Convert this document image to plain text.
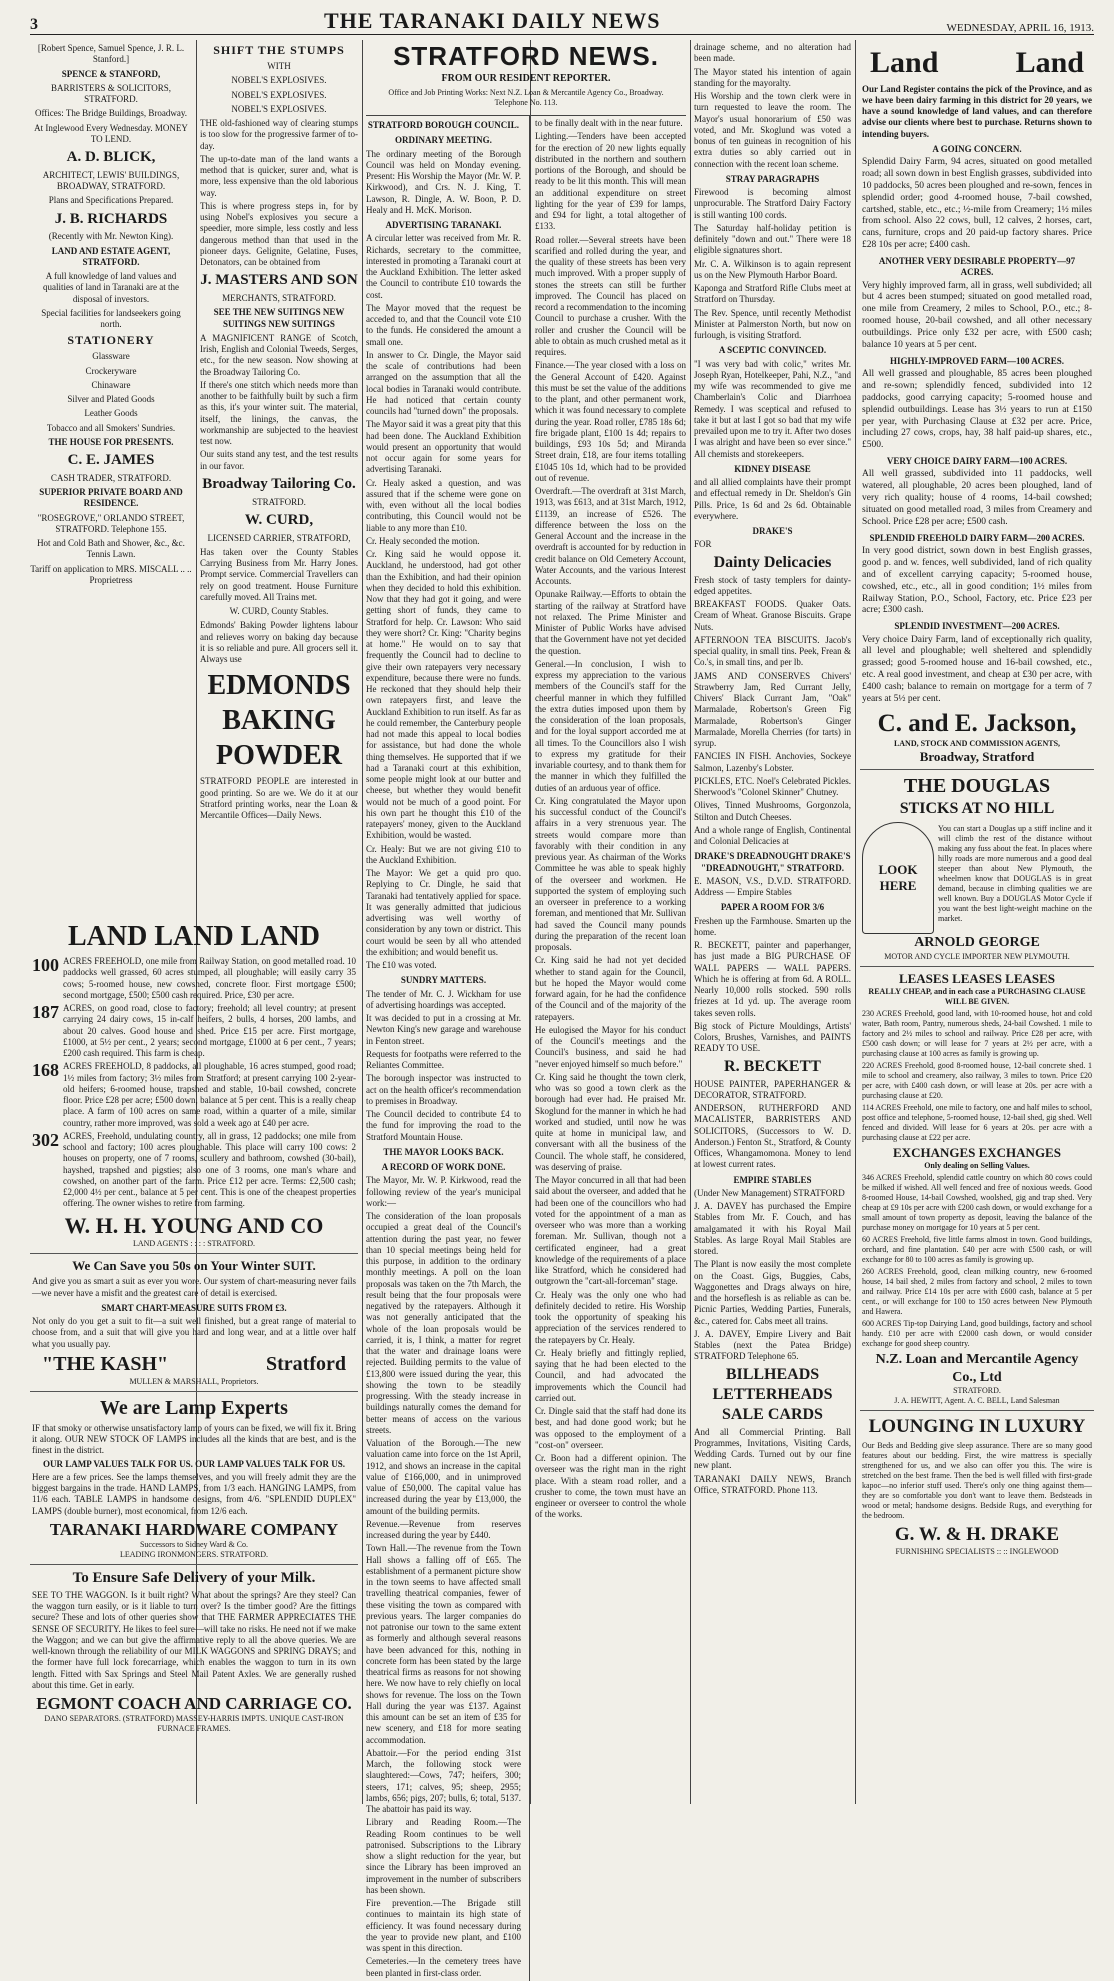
3	THE TARANAKI DAILY NEWS	WEDNESDAY, APRIL 16, 1913.
[Robert Spence, Samuel Spence, J. R. L. Stanford.]
SPENCE & STANFORD,
BARRISTERS & SOLICITORS, STRATFORD.
Offices: The Bridge Buildings, Broadway.
At Inglewood Every Wednesday. MONEY TO LEND.
A. D. BLICK,
ARCHITECT, LEWIS' BUILDINGS, BROADWAY, STRATFORD.
Plans and Specifications Prepared.
J. B. RICHARDS
(Recently with Mr. Newton King).
LAND AND ESTATE AGENT, STRATFORD.
A full knowledge of land values and qualities of land in Taranaki are at the disposal of investors.
Special facilities for landseekers going north.
STATIONERY
Glassware
Crockeryware
Chinaware
Silver and Plated Goods
Leather Goods
Tobacco and all Smokers' Sundries.
THE HOUSE FOR PRESENTS.
C. E. JAMES
CASH TRADER, STRATFORD.
SUPERIOR PRIVATE BOARD AND RESIDENCE.
"ROSEGROVE," ORLANDO STREET, STRATFORD. Telephone 155.
Hot and Cold Bath and Shower, &c., &c. Tennis Lawn.
Tariff on application to MRS. MISCALL .. .. Proprietress
SHIFT THE STUMPS
WITH
NOBEL'S EXPLOSIVES.
NOBEL'S EXPLOSIVES.
NOBEL'S EXPLOSIVES.

THE old-fashioned way of clearing stumps is too slow for the progressive farmer of to-day.

The up-to-date man of the land wants a method that is quicker, surer and, what is more, less expensive than the old laborious way.

This is where progress steps in, for by using Nobel's explosives you secure a speedier, more simple, less costly and less dangerous method than that used in the pioneer days. Gelignite, Gelatine, Fuses, Detonators, can be obtained from

J. MASTERS AND SON
MERCHANTS, STRATFORD.
SEE THE NEW SUITINGS NEW SUITINGS NEW SUITINGS

A MAGNIFICENT RANGE of Scotch, Irish, English and Colonial Tweeds, Serges, etc., for the new season. Now showing at the Broadway Tailoring Co.

If there's one stitch which needs more than another to be faithfully built by such a firm as this, it's your winter suit. The material, itself, the linings, the canvas, the workmanship are subjected to the heaviest test now.

Our suits stand any test, and the test results in our favor.

Broadway Tailoring Co.
STRATFORD.
W. CURD,
LICENSED CARRIER, STRATFORD,

Has taken over the County Stables Carrying Business from Mr. Harry Jones. Prompt service. Commercial Travellers can rely on good treatment. House Furniture carefully moved. All Trains met.

W. CURD, County Stables.

Edmonds' Baking Powder lightens labour and relieves worry on baking day because it is so reliable and pure. All grocers sell it. Always use

EDMONDS BAKING POWDER

STRATFORD PEOPLE are interested in good printing. So are we. We do it at our Stratford printing works, near the Loan & Mercantile Offices—Daily News.

LAND LAND LAND
100 ACRES FREEHOLD, one mile from Railway Station, on good metalled road. 10 paddocks well grassed, 60 acres stumped, all ploughable; will easily carry 35 cows; 5-roomed house, new cowshed, concrete floor. First mortgage £500; second mortgage, £500; £500 cash required. Price, £30 per acre.
187 ACRES, on good road, close to factory; freehold; all level country; at present carrying 24 dairy cows, 15 in-calf heifers, 2 bulls, 4 horses, 200 lambs, and about 20 calves. Good house and shed. Price £15 per acre. First mortgage, £1000, at 5½ per cent., 2 years; second mortgage, £1000 at 6 per cent., 7 years; £200 cash required. This farm is cheap.
168 ACRES FREEHOLD, 8 paddocks, all ploughable, 16 acres stumped, good road; 1½ miles from factory; 3½ miles from Stratford; at present carrying 100 2-year-old heifers; 6-roomed house, trapshed and stable, 10-bail cowshed, concrete floor. Price £28 per acre; £500 down, balance at 5 per cent. This is a really cheap place. A farm of 100 acres on same road, within a quarter of a mile, similar country, rather more improved, was sold a week ago at £40 per acre.
302 ACRES, Freehold, undulating country, all in grass, 12 paddocks; one mile from school and factory; 100 acres ploughable. This place will carry 100 cows: 2 houses on property, one of 7 rooms, scullery and bathroom, cowshed (30-bail), hayshed, trapshed and pigsties; also one of 3 rooms, one man's whare and cowshed, on another part of the farm. Price £12 per acre. Terms: £2,500 cash; £2,000 4½ per cent., balance at 5 per cent. This is one of the cheapest properties offering. The owner wishes to retire from farming.
W. H. H. YOUNG AND CO
LAND AGENTS : : : : STRATFORD.
We Can Save you 50s on Your Winter SUIT.

And give you as smart a suit as ever you wore. Our system of chart-measuring never fails—we never have a misfit and the greatest care of detail is exercised.

SMART CHART-MEASURE SUITS FROM £3.

Not only do you get a suit to fit—a suit well finished, but a great range of material to choose from, and a suit that will give you hard and long wear, and at a little over half what you usually pay.

"THE KASH"	Stratford
MULLEN & MARSHALL, Proprietors.
We are Lamp Experts

IF that smoky or otherwise unsatisfactory lamp of yours can be fixed, we will fix it. Bring it along. OUR NEW STOCK OF LAMPS includes all the kinds that are best, and is the finest in the district.

OUR LAMP VALUES TALK FOR US. OUR LAMP VALUES TALK FOR US.

Here are a few prices. See the lamps themselves, and you will freely admit they are the biggest bargains in the trade. HAND LAMPS, from 1/3 each. HANGING LAMPS, from 11/6 each. TABLE LAMPS in handsome designs, from 4/6. "SPLENDID DUPLEX" LAMPS (double burner), most economical, from 12/6 each.

TARANAKI HARDWARE COMPANY
Successors to Sidney Ward & Co.
LEADING IRONMONGERS. STRATFORD.
To Ensure Safe Delivery of your Milk.

SEE TO THE WAGGON. Is it built right? What about the springs? Are they steel? Can the waggon turn easily, or is it liable to turn over? Is the timber good? Are the fittings secure? These and lots of other queries show that THE FARMER APPRECIATES THE SENSE OF SECURITY. He likes to feel sure—will take no risks. He need not if we make the Waggon; and we can but give the affirmative reply to all the above queries. We are well-known through the reliability of our MILK WAGGONS and SPRING DRAYS; and the former have full lock forecarriage, which enables the waggon to turn in its own length. Fitted with Sax Springs and Steel Mail Patent Axles. We are generally rushed about this time. Get in early.

EGMONT COACH AND CARRIAGE CO.
DANO SEPARATORS. (STRATFORD) MASSEY-HARRIS IMPTS. UNIQUE CAST-IRON FURNACE FRAMES.
STRATFORD NEWS.
FROM OUR RESIDENT REPORTER.
Office and Job Printing Works: Next N.Z. Loan & Mercantile Agency Co., Broadway. Telephone No. 113.
STRATFORD BOROUGH COUNCIL.
ORDINARY MEETING.

The ordinary meeting of the Borough Council was held on Monday evening. Present: His Worship the Mayor (Mr. W. P. Kirkwood), and Crs. N. J. King, T. Lawson, R. Dingle, A. W. Boon, P. D. Healy and H. McK. Morison.

ADVERTISING TARANAKI.

A circular letter was received from Mr. R. Richards, secretary to the committee, interested in promoting a Taranaki court at the Auckland Exhibition. The letter asked the Council to contribute £10 towards the cost.

The Mayor moved that the request be acceded to, and that the Council vote £10 to the funds. He considered the amount a small one.

In answer to Cr. Dingle, the Mayor said the scale of contributions had been arranged on the assumption that all the local bodies in Taranaki would contribute. He had noticed that certain county councils had "turned down" the proposals.

The Mayor said it was a great pity that this had been done. The Auckland Exhibition would present an opportunity that would not occur again for some years for advertising Taranaki.

Cr. Healy asked a question, and was assured that if the scheme were gone on with, even without all the local bodies contributing, this Council would not be liable to any more than £10.

Cr. Healy seconded the motion.

Cr. King said he would oppose it. Auckland, he understood, had got other than the Exhibition, and had their opinion when they decided to hold this exhibition. Now that they had got it going, and were getting short of funds, they came to Stratford for help. Cr. Lawson: Who said they were short? Cr. King: "Charity begins at home." He would on to say that frequently the Council had to decline to give their own ratepayers very necessary expenditure, because there were no funds. He reckoned that they should help their own ratepayers first, and leave the Auckland Exhibition to run itself. As far as he could remember, the Canterbury people had not made this appeal to local bodies for assistance, but had done the whole thing themselves. He supported that if we had a Taranaki court at this exhibition, some people might look at our butter and cheese, but whether they would benefit would not be much of a good point. For his own part he thought this £10 of the ratepayers' money, given to the Auckland Exhibition, would be wasted.

Cr. Healy: But we are not giving £10 to the Auckland Exhibition.

The Mayor: We get a quid pro quo. Replying to Cr. Dingle, he said that Taranaki had tentatively applied for space. It was generally admitted that judicious advertising was well worthy of consideration by any town or district. This court would be seen by all who attended the exhibition; and would benefit us.

The £10 was voted.

SUNDRY MATTERS.

The tender of Mr. C. J. Wickham for use of advertising hoardings was accepted.

It was decided to put in a crossing at Mr. Newton King's new garage and warehouse in Fenton street.

Requests for footpaths were referred to the Reliantes Committee.

The borough inspector was instructed to act on the health officer's recommendation to premises in Broadway.

The Council decided to contribute £4 to the fund for improving the road to the Stratford Mountain House.

THE MAYOR LOOKS BACK.
A RECORD OF WORK DONE.

The Mayor, Mr. W. P. Kirkwood, read the following review of the year's municipal work:—

The consideration of the loan proposals occupied a great deal of the Council's attention during the past year, no fewer than 10 special meetings being held for this purpose, in addition to the ordinary monthly meetings. A poll on the loan proposals was taken on the 7th March, the result being that the four proposals were negatived by the ratepayers. Although it was not generally anticipated that the whole of the loan proposals would be carried, it is, I think, a matter for regret that the water and drainage loans were rejected. Building permits to the value of £13,800 were issued during the year, this showing the town to be steadily progressing. With the steady increase in buildings naturally comes the demand for better means of access on the various streets.

Valuation of the Borough.—The new valuation came into force on the 1st April, 1912, and shows an increase in the capital value of £166,000, and in unimproved value of £50,000. The capital value has increased during the year by £13,000, the amount of the building permits.

Revenue.—Revenue from reserves increased during the year by £440.

Town Hall.—The revenue from the Town Hall shows a falling off of £65. The establishment of a permanent picture show in the town seems to have affected small travelling theatrical companies, fewer of these visiting the town as compared with previous years. The larger companies do not patronise our town to the same extent as formerly and although several reasons have been advanced for this, nothing in concrete form has been stated by the large theatrical firms as reasons for not showing here. We now have to rely chiefly on local shows for revenue. The loss on the Town Hall during the year was £137. Against this amount can be set an item of £35 for new scenery, and £18 for more seating accommodation.

Abattoir.—For the period ending 31st March, the following stock were slaughtered:—Cows, 747; heifers, 300; steers, 171; calves, 95; sheep, 2955; lambs, 656; pigs, 207; bulls, 6; total, 5137. The abattoir has paid its way.

Library and Reading Room.—The Reading Room continues to be well patronised. Subscriptions to the Library show a slight reduction for the year, but since the Library has been improved an improvement in the number of subscribers has been shown.

Fire prevention.—The Brigade still continues to maintain its high state of efficiency. It was found necessary during the year to provide new plant, and £100 was spent in this direction.

Cemeteries.—In the cemetery trees have been planted in first-class order.

to be finally dealt with in the near future.

Lighting.—Tenders have been accepted for the erection of 20 new lights equally distributed in the northern and southern portions of the Borough, and should be ready to be lit this month. This will mean an additional expenditure on street lighting for the year of £39 for lamps, and £94 for light, a total altogether of £133.

Road roller.—Several streets have been scarified and rolled during the year, and the quality of these streets has been very much improved. With a proper supply of stones the streets can still be further improved. The Council has placed on record a recommendation to the incoming Council to purchase a crusher. With the roller and crusher the Council will be able to obtain as much crushed metal as it requires.

Finance.—The year closed with a loss on the General Account of £420. Against this must be set the value of the additions to the plant, and other permanent work, which it was found necessary to complete during the year. Road roller, £785 18s 6d; fire brigade plant, £100 1s 4d; repairs to buildings, £93 10s 5d; and Miranda Street drain, £18, are four items totalling £1045 10s 1d, which had to be provided out of revenue.

Overdraft.—The overdraft at 31st March, 1913, was £613, and at 31st March, 1912, £1139, an increase of £526. The difference between the loss on the General Account and the increase in the overdraft is accounted for by reduction in credit balance on Old Cemetery Account, Water Accounts, and the various Interest Accounts.

Opunake Railway.—Efforts to obtain the starting of the railway at Stratford have not relaxed. The Prime Minister and Minister of Public Works have advised that the Government have not yet decided the question.

General.—In conclusion, I wish to express my appreciation to the various members of the Council's staff for the cheerful manner in which they fulfilled the extra duties imposed upon them by the consideration of the loan proposals, and for the loyal support accorded me at all times. To the Councillors also I wish to express my gratitude for their invariable courtesy, and to thank them for the manner in which they fulfilled the duties of an arduous year of office.

Cr. King congratulated the Mayor upon his successful conduct of the Council's affairs in a very strenuous year. The streets would compare more than favorably with their condition in any previous year. As chairman of the Works Committee he was able to speak highly of the overseer and workmen. He supported the system of employing such an overseer in preference to a working foreman, and mentioned that Mr. Sullivan had saved the Council many pounds during the preparation of the recent loan proposals.

Cr. King said he had not yet decided whether to stand again for the Council, but he hoped the Mayor would come forward again, for he had the confidence of the Council and of the majority of the ratepayers.

He eulogised the Mayor for his conduct of the Council's meetings and the Council's business, and said he had "never enjoyed himself so much before."

Cr. King said he thought the town clerk, who was so good a town clerk as the borough had ever had. He praised Mr. Skoglund for the manner in which he had worked and studied, until now he was quite at home in municipal law, and conversant with all the business of the Council. The whole staff, he considered, was deserving of praise.

The Mayor concurred in all that had been said about the overseer, and added that he had been one of the councillors who had voted for the appointment of a man as overseer who was more than a working foreman. Mr. Sullivan, though not a certificated engineer, had a great knowledge of the requirements of a place like Stratford, which he considered had outgrown the "cart-all-forceman" stage.

Cr. Healy was the only one who had definitely decided to retire. His Worship took the opportunity of speaking his appreciation of the services rendered to the ratepayers by Cr. Healy.

Cr. Healy briefly and fittingly replied, saying that he had been elected to the Council, and had advocated the improvements which the Council had carried out.

Cr. Dingle said that the staff had done its best, and had done good work; but he was opposed to the employment of a "cost-on" overseer.

Cr. Boon had a different opinion. The overseer was the right man in the right place. With a steam road roller, and a crusher to come, the town must have an engineer or overseer to control the whole of the works.

drainage scheme, and no alteration had been made.

The Mayor stated his intention of again standing for the mayoralty.

His Worship and the town clerk were in turn requested to leave the room. The Mayor's usual honorarium of £50 was voted, and Mr. Skoglund was voted a bonus of ten guineas in recognition of his extra duties so ably carried out in connection with the recent loan scheme.

STRAY PARAGRAPHS

Firewood is becoming almost unprocurable. The Stratford Dairy Factory is still wanting 100 cords.

The Saturday half-holiday petition is definitely "down and out." There were 18 eligible signatures short.

Mr. C. A. Wilkinson is to again represent us on the New Plymouth Harbor Board.

Kaponga and Stratford Rifle Clubs meet at Stratford on Thursday.

The Rev. Spence, until recently Methodist Minister at Palmerston North, but now on furlough, is visiting Stratford.

A SCEPTIC CONVINCED.

"I was very bad with colic," writes Mr. Joseph Ryan, Hotelkeeper, Pahi, N.Z., "and my wife was recommended to give me Chamberlain's Colic and Diarrhoea Remedy. I was sceptical and refused to take it but at last I got so bad that my wife prevailed upon me to try it. After two doses I was alright and have been so ever since." All chemists and storekeepers.

KIDNEY DISEASE

and all allied complaints have their prompt and effectual remedy in Dr. Sheldon's Gin Pills. Price, 1s 6d and 2s 6d. Obtainable everywhere.

DRAKE'S

FOR

Dainty Delicacies

Fresh stock of tasty templers for dainty-edged appetites.

BREAKFAST FOODS. Quaker Oats. Cream of Wheat. Granose Biscuits. Grape Nuts.

AFTERNOON TEA BISCUITS. Jacob's special quality, in small tins. Peek, Frean & Co.'s, in small tins, and per lb.

JAMS AND CONSERVES Chivers' Strawberry Jam, Red Currant Jelly, Chivers' Black Currant Jam, "Oak" Marmalade, Robertson's Green Fig Marmalade, Robertson's Ginger Marmalade, Morella Cherries (for tarts) in syrup.

FANCIES IN FISH. Anchovies, Sockeye Salmon, Lazenby's Lobster.

PICKLES, ETC. Noel's Celebrated Pickles. Sherwood's "Colonel Skinner" Chutney.

Olives, Tinned Mushrooms, Gorgonzola, Stilton and Dutch Cheeses.

And a whole range of English, Continental and Colonial Delicacies at

DRAKE'S DREADNOUGHT DRAKE'S "DREADNOUGHT," STRATFORD.

E. MASON, V.S., D.V.D. STRATFORD. Address — Empire Stables

PAPER A ROOM FOR 3/6

Freshen up the Farmhouse. Smarten up the home.

R. BECKETT, painter and paperhanger, has just made a BIG PURCHASE OF WALL PAPERS — WALL PAPERS. Which he is offering at from 6d. A ROLL. Nearly 10,000 rolls stocked. 590 rolls friezes at 1d yd. up. The average room takes seven rolls.

Big stock of Picture Mouldings, Artists' Colors, Brushes, Varnishes, and PAINTS READY TO USE.

R. BECKETT

HOUSE PAINTER, PAPERHANGER & DECORATOR, STRATFORD.

ANDERSON, RUTHERFORD AND MACALISTER, BARRISTERS AND SOLICITORS, (Successors to W. D. Anderson.) Fenton St., Stratford, & County Offices, Whangamomona. Money to lend at lowest current rates.

EMPIRE STABLES

(Under New Management) STRATFORD

J. A. DAVEY has purchased the Empire Stables from Mr. F. Couch, and has amalgamated it with his Royal Mail Stables. As large Royal Mail Stables are stored.

The Plant is now easily the most complete on the Coast. Gigs, Buggies, Cabs, Waggonettes and Drags always on hire, and the horseflesh is as reliable as can be. Picnic Parties, Wedding Parties, Funerals, &c., catered for. Cabs meet all trains.

J. A. DAVEY, Empire Livery and Bait Stables (next the Patea Bridge) STRATFORD Telephone 65.

BILLHEADS LETTERHEADS SALE CARDS

And all Commercial Printing. Ball Programmes, Invitations, Visiting Cards, Wedding Cards. Turned out by our fine new plant.

TARANAKI DAILY NEWS, Branch Office, STRATFORD. Phone 113.

Land	Land

Our Land Register contains the pick of the Province, and as we have been dairy farming in this district for 20 years, we have a sound knowledge of land values, and can therefore advise our clients where best to purchase. Returns shown to intending buyers.

A GOING CONCERN.

Splendid Dairy Farm, 94 acres, situated on good metalled road; all sown down in best English grasses, subdivided into 10 paddocks, 50 acres been ploughed and re-sown, fences in splendid order; good 4-roomed house, 7-bail cowshed, cartshed, stable, etc., etc.; ½-mile from Creamery; 1½ miles from school. Also 22 cows, bull, 12 calves, 2 horses, cart, cans, furniture, crops and 20 paid-up factory shares. Price £28 10s per acre; £400 cash.

ANOTHER VERY DESIRABLE PROPERTY—97 ACRES.

Very highly improved farm, all in grass, well subdivided; all but 4 acres been stumped; situated on good metalled road, one mile from Creamery, 2 miles to School, P.O., etc.; 8-roomed house, 20-bail cowshed, and all other necessary outbuildings. Price only £32 per acre, with £500 cash; balance 10 years at 5 per cent.

HIGHLY-IMPROVED FARM—100 ACRES.

All well grassed and ploughable, 85 acres been ploughed and re-sown; splendidly fenced, subdivided into 12 paddocks, good carrying capacity; 5-roomed house and splendid outbuildings. Lease has 3½ years to run at £150 per year, with Purchasing Clause at £32 per acre. Price, including 27 cows, crops, hay, 38 half paid-up shares, etc., £500.

VERY CHOICE DAIRY FARM—100 ACRES.

All well grassed, subdivided into 11 paddocks, well watered, all ploughable, 20 acres been ploughed, land of very rich quality; house of 4 rooms, 14-bail cowshed; situated on good metalled road, 3 miles from Creamery and School. Price £28 per acre; £500 cash.

SPLENDID FREEHOLD DAIRY FARM—200 ACRES.

In very good district, sown down in best English grasses, good p. and w. fences, well subdivided, land of rich quality and of excellent carrying capacity; 5-roomed house, cowshed, etc., etc., all in good condition; 1½ miles from Railway Station, P.O., School, Factory, etc. Price £23 per acre; £300 cash.

SPLENDID INVESTMENT—200 ACRES.

Very choice Dairy Farm, land of exceptionally rich quality, all level and ploughable; well sheltered and splendidly grassed; good 5-roomed house and 16-bail cowshed, etc., etc. A real good investment, and cheap at £30 per acre, with £400 cash; balance to remain on mortgage for a term of 7 years at 5½ per cent.

C. and E. Jackson,
LAND, STOCK AND COMMISSION AGENTS,
Broadway, Stratford
THE DOUGLAS
STICKS AT NO HILL
LOOK HERE

You can start a Douglas up a stiff incline and it will climb the rest of the distance without making any fuss about the feat. In places where hilly roads are more numerous and a good deal steeper than about New Plymouth, the wheelmen know that DOUGLAS is in great demand, because in climbing qualities we are well known. Buy a DOUGLAS Motor Cycle if you want the best light-weight machine on the market.

ARNOLD GEORGE
MOTOR AND CYCLE IMPORTER NEW PLYMOUTH.
LEASES LEASES LEASES
REALLY CHEAP, and in each case a PURCHASING CLAUSE WILL BE GIVEN.

230 ACRES Freehold, good land, with 10-roomed house, hot and cold water, Bath room, Pantry, numerous sheds, 24-bail Cowshed. 1 mile to factory and 2½ miles to school and railway. Price £28 per acre, with £500 cash down; or will lease for 7 years at 2½ per acre, with a purchasing clause at 100 acres as family is growing up.

220 ACRES Freehold, good 8-roomed house, 12-bail concrete shed. 1 mile to school and creamery, also railway, 3 miles to town. Price £20 per acre, with £400 cash down, or will lease at 20s. per acre with a purchasing clause at £20.

114 ACRES Freehold, one mile to factory, one and half miles to school, post office and telephone, 5-roomed house, 12-bail shed, gig shed. Well fenced and divided. Will lease for 6 years at 20s. per acre with a purchasing clause at £22 per acre.

EXCHANGES EXCHANGES
Only dealing on Selling Values.

346 ACRES Freehold, splendid cattle country on which 80 cows could be milked if wished. All well fenced and free of noxious weeds. Good 8-roomed House, 14-bail Cowshed, woolshed, gig and trap shed. Very cheap at £9 10s per acre with £200 cash down, or would exchange for a small amount of town property as deposit, leaving the balance of the purchase money on mortgage for 10 years at 5 per cent.

60 ACRES Freehold, five little farms almost in town. Good buildings, orchard, and fine plantation. £40 per acre with £500 cash, or will exchange for 80 to 100 acres as family is growing up.

260 ACRES Freehold, good, clean milking country, new 6-roomed house, 14 bail shed, 2 miles from factory and school, 2 miles to town and railway. Price £14 10s per acre with £600 cash, balance at 5 per cent., or will exchange for 100 to 150 acres between New Plymouth and Hawera.

600 ACRES Tip-top Dairying Land, good buildings, factory and school handy. £10 per acre with £2000 cash down, or would consider exchange for good sheep country.

N.Z. Loan and Mercantile Agency Co., Ltd
STRATFORD.
J. A. HEWITT, Agent. A. C. BELL, Land Salesman
LOUNGING IN LUXURY

Our Beds and Bedding give sleep assurance. There are so many good features about our bedding. First, the wire mattress is specially strengthened for us, and we also can offer you this. The wire is stretched on the best frame. Then the bed is well filled with first-grade kapoc—no inferior stuff used. There's only one thing against them—they are so comfortable you don't want to leave them. Bedsteads in wood or metal; handsome designs. Bedside Rugs, and everything for the bedroom.

G. W. & H. DRAKE
FURNISHING SPECIALISTS :: :: INGLEWOOD
